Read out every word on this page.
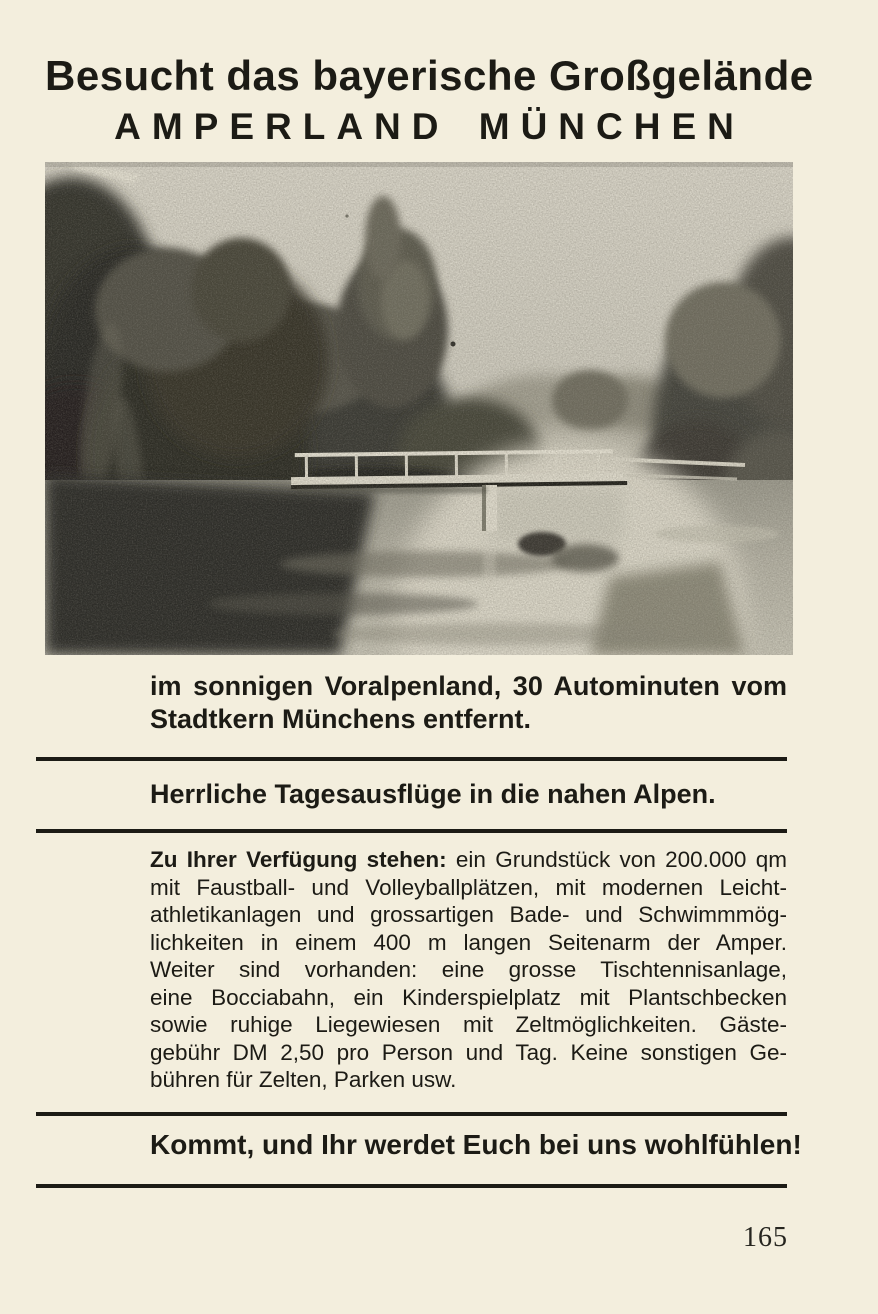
Besucht das bayerische Großgelände
AMPERLAND MÜNCHEN
im sonnigen Voralpenland, 30 Autominuten vom
Stadtkern Münchens entfernt.

Herrliche Tagesausflüge in die nahen Alpen.

Zu Ihrer Verfügung stehen: ein Grundstück von 200.000 qm
mit Faustball- und Volleyballplätzen, mit modernen Leicht-
athletikanlagen und grossartigen Bade- und Schwimmmög-
lichkeiten in einem 400 m langen Seitenarm der Amper.
Weiter sind vorhanden: eine grosse Tischtennisanlage,
eine Bocciabahn, ein Kinderspielplatz mit Plantschbecken
sowie ruhige Liegewiesen mit Zeltmöglichkeiten. Gäste-
gebühr DM 2,50 pro Person und Tag. Keine sonstigen Ge-
bühren für Zelten, Parken usw.

Kommt, und Ihr werdet Euch bei uns wohlfühlen!

165
